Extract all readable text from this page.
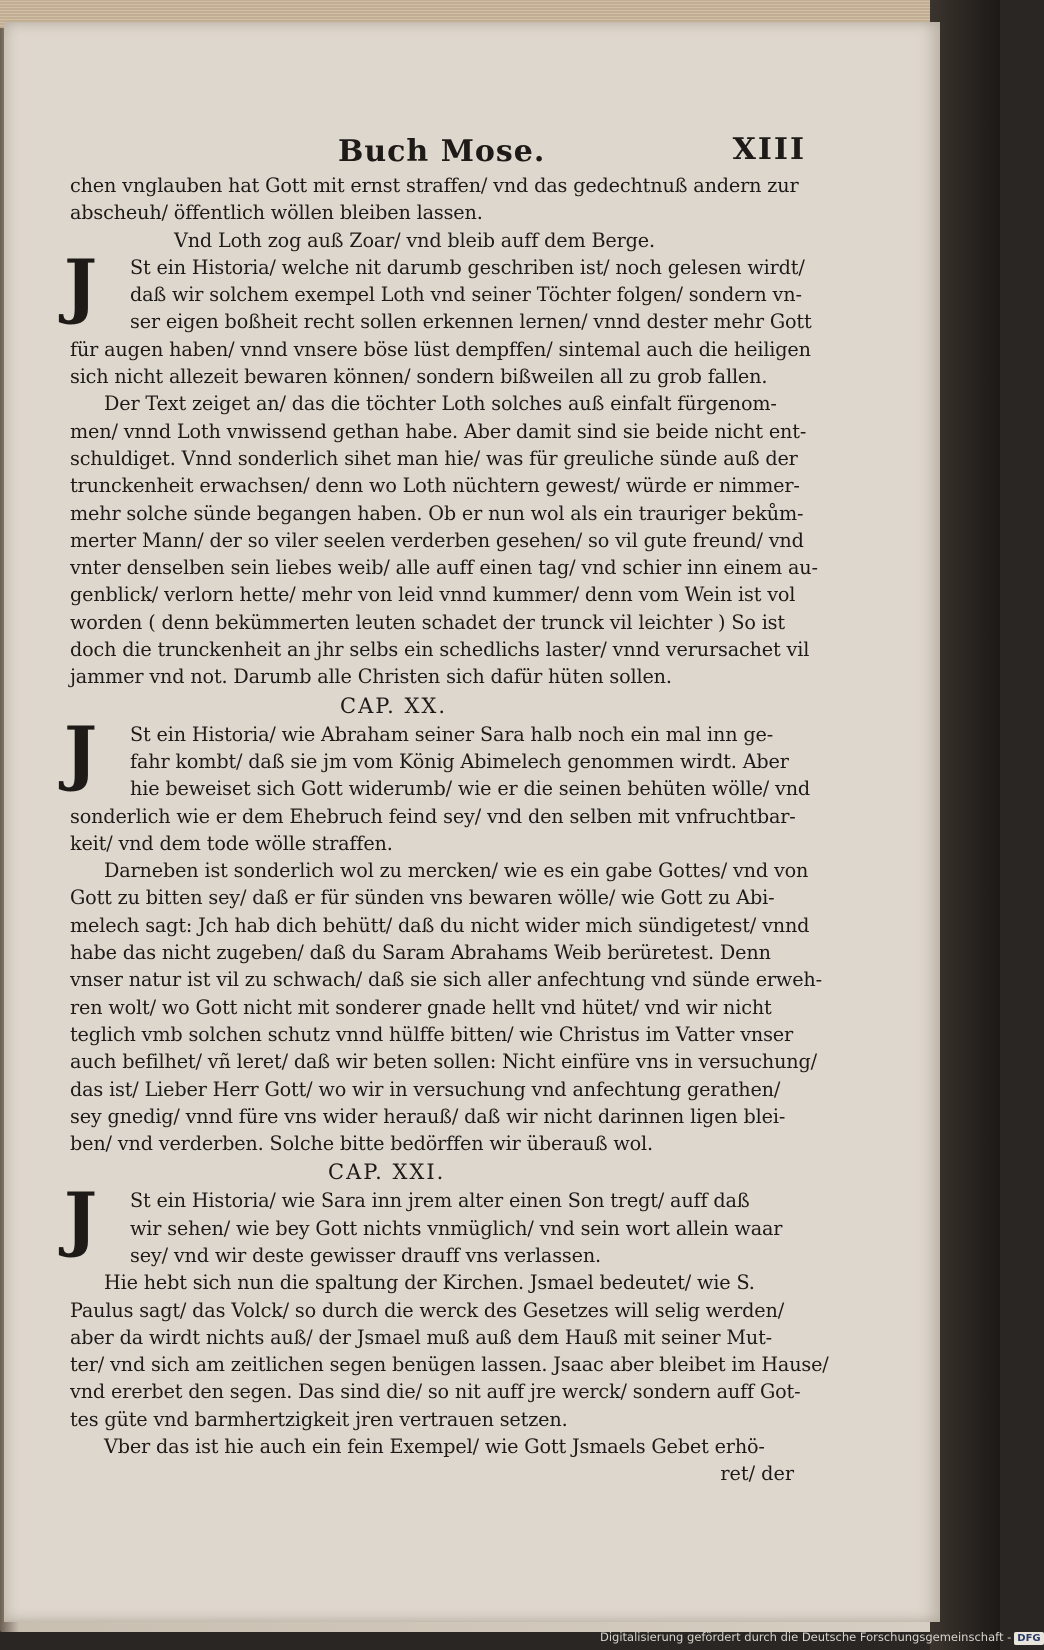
Buch Mose.	XIII
chen vnglauben hat Gott mit ernst straffen/ vnd das gedechtnuß andern zur
abscheuh/ öffentlich wöllen bleiben lassen.
Vnd Loth zog auß Zoar/ vnd bleib auff dem Berge.
J	St ein Historia/ welche nit darumb geschriben ist/ noch gelesen wirdt/
daß wir solchem exempel Loth vnd seiner Töchter folgen/ sondern vn-
ser eigen boßheit recht sollen erkennen lernen/ vnnd dester mehr Gott
für augen haben/ vnnd vnsere böse lüst dempffen/ sintemal auch die heiligen
sich nicht allezeit bewaren können/ sondern bißweilen all zu grob fallen.
Der Text zeiget an/ das die töchter Loth solches auß einfalt fürgenom-
men/ vnnd Loth vnwissend gethan habe. Aber damit sind sie beide nicht ent-
schuldiget. Vnnd sonderlich sihet man hie/ was für greuliche sünde auß der
trunckenheit erwachsen/ denn wo Loth nüchtern gewest/ würde er nimmer-
mehr solche sünde begangen haben. Ob er nun wol als ein trauriger bekům-
merter Mann/ der so viler seelen verderben gesehen/ so vil gute freund/ vnd
vnter denselben sein liebes weib/ alle auff einen tag/ vnd schier inn einem au-
genblick/ verlorn hette/ mehr von leid vnnd kummer/ denn vom Wein ist vol
worden ( denn bekümmerten leuten schadet der trunck vil leichter ) So ist
doch die trunckenheit an jhr selbs ein schedlichs laster/ vnnd verursachet vil
jammer vnd not. Darumb alle Christen sich dafür hüten sollen.
CAP. XX.
J	St ein Historia/ wie Abraham seiner Sara halb noch ein mal inn ge-
fahr kombt/ daß sie jm vom König Abimelech genommen wirdt. Aber
hie beweiset sich Gott widerumb/ wie er die seinen behüten wölle/ vnd
sonderlich wie er dem Ehebruch feind sey/ vnd den selben mit vnfruchtbar-
keit/ vnd dem tode wölle straffen.
Darneben ist sonderlich wol zu mercken/ wie es ein gabe Gottes/ vnd von
Gott zu bitten sey/ daß er für sünden vns bewaren wölle/ wie Gott zu Abi-
melech sagt: Jch hab dich behütt/ daß du nicht wider mich sündigetest/ vnnd
habe das nicht zugeben/ daß du Saram Abrahams Weib berüretest. Denn
vnser natur ist vil zu schwach/ daß sie sich aller anfechtung vnd sünde erweh-
ren wolt/ wo Gott nicht mit sonderer gnade hellt vnd hütet/ vnd wir nicht
teglich vmb solchen schutz vnnd hülffe bitten/ wie Christus im Vatter vnser
auch befilhet/ vñ leret/ daß wir beten sollen: Nicht einfüre vns in versuchung/
das ist/ Lieber Herr Gott/ wo wir in versuchung vnd anfechtung gerathen/
sey gnedig/ vnnd füre vns wider herauß/ daß wir nicht darinnen ligen blei-
ben/ vnd verderben. Solche bitte bedörffen wir überauß wol.
CAP. XXI.
J	St ein Historia/ wie Sara inn jrem alter einen Son tregt/ auff daß
wir sehen/ wie bey Gott nichts vnmüglich/ vnd sein wort allein waar
sey/ vnd wir deste gewisser drauff vns verlassen.
Hie hebt sich nun die spaltung der Kirchen. Jsmael bedeutet/ wie S.
Paulus sagt/ das Volck/ so durch die werck des Gesetzes will selig werden/
aber da wirdt nichts auß/ der Jsmael muß auß dem Hauß mit seiner Mut-
ter/ vnd sich am zeitlichen segen benügen lassen. Jsaac aber bleibet im Hause/
vnd ererbet den segen. Das sind die/ so nit auff jre werck/ sondern auff Got-
tes güte vnd barmhertzigkeit jren vertrauen setzen.
Vber das ist hie auch ein fein Exempel/ wie Gott Jsmaels Gebet erhö-
ret/ der
Digitalisierung gefördert durch die Deutsche Forschungsgemeinschaft - DFG
